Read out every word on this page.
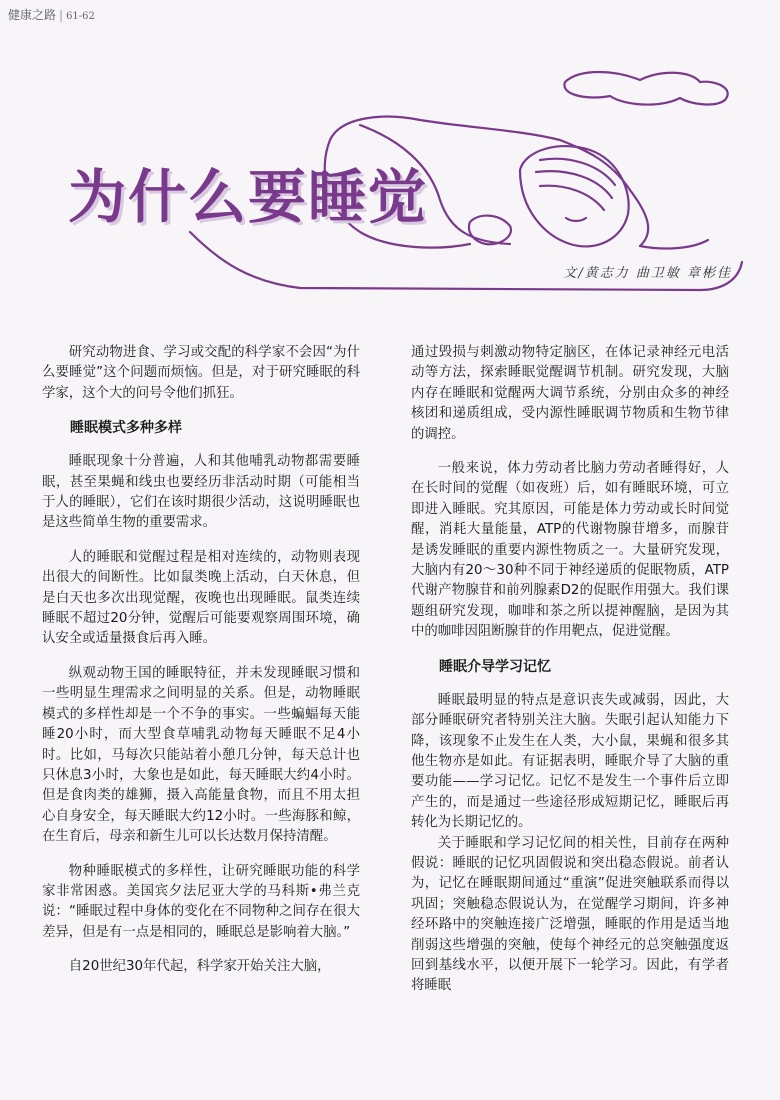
健康之路 | 61-62
为什么要睡觉
文/黄志力 曲卫敏 章彬佳

研究动物进食、学习或交配的科学家不会因“为什么要睡觉”这个问题而烦恼。但是，对于研究睡眠的科学家，这个大的问号令他们抓狂。

睡眠模式多种多样

睡眠现象十分普遍，人和其他哺乳动物都需要睡眠，甚至果蝇和线虫也要经历非活动时期（可能相当于人的睡眠），它们在该时期很少活动，这说明睡眠也是这些简单生物的重要需求。

人的睡眠和觉醒过程是相对连续的，动物则表现出很大的间断性。比如鼠类晚上活动，白天休息，但是白天也多次出现觉醒，夜晚也出现睡眠。鼠类连续睡眠不超过20分钟，觉醒后可能要观察周围环境，确认安全或适量摄食后再入睡。

纵观动物王国的睡眠特征，并未发现睡眠习惯和一些明显生理需求之间明显的关系。但是，动物睡眠模式的多样性却是一个不争的事实。一些蝙蝠每天能睡20小时，而大型食草哺乳动物每天睡眠不足4小时。比如，马每次只能站着小憩几分钟，每天总计也只休息3小时，大象也是如此，每天睡眠大约4小时。但是食肉类的雄狮，摄入高能量食物，而且不用太担心自身安全，每天睡眠大约12小时。一些海豚和鲸，在生育后，母亲和新生儿可以长达数月保持清醒。

物种睡眠模式的多样性，让研究睡眠功能的科学家非常困惑。美国宾夕法尼亚大学的马科斯•弗兰克说：“睡眠过程中身体的变化在不同物种之间存在很大差异，但是有一点是相同的，睡眠总是影响着大脑。”

自20世纪30年代起，科学家开始关注大脑，

通过毁损与刺激动物特定脑区，在体记录神经元电活动等方法，探索睡眠觉醒调节机制。研究发现，大脑内存在睡眠和觉醒两大调节系统，分别由众多的神经核团和递质组成，受内源性睡眠调节物质和生物节律的调控。

一般来说，体力劳动者比脑力劳动者睡得好，人在长时间的觉醒（如夜班）后，如有睡眠环境，可立即进入睡眠。究其原因，可能是体力劳动或长时间觉醒，消耗大量能量，ATP的代谢物腺苷增多，而腺苷是诱发睡眠的重要内源性物质之一。大量研究发现，大脑内有20～30种不同于神经递质的促眠物质，ATP代谢产物腺苷和前列腺素D2的促眠作用强大。我们课题组研究发现，咖啡和茶之所以提神醒脑，是因为其中的咖啡因阻断腺苷的作用靶点，促进觉醒。

睡眠介导学习记忆

睡眠最明显的特点是意识丧失或减弱，因此，大部分睡眠研究者特别关注大脑。失眠引起认知能力下降，该现象不止发生在人类，大小鼠，果蝇和很多其他生物亦是如此。有证据表明，睡眠介导了大脑的重要功能——学习记忆。记忆不是发生一个事件后立即产生的，而是通过一些途径形成短期记忆，睡眠后再转化为长期记忆的。

关于睡眠和学习记忆间的相关性，目前存在两种假说：睡眠的记忆巩固假说和突出稳态假说。前者认为，记忆在睡眠期间通过“重演”促进突触联系而得以巩固；突触稳态假说认为，在觉醒学习期间，许多神经环路中的突触连接广泛增强，睡眠的作用是适当地削弱这些增强的突触，使每个神经元的总突触强度返回到基线水平，以便开展下一轮学习。因此，有学者将睡眠
